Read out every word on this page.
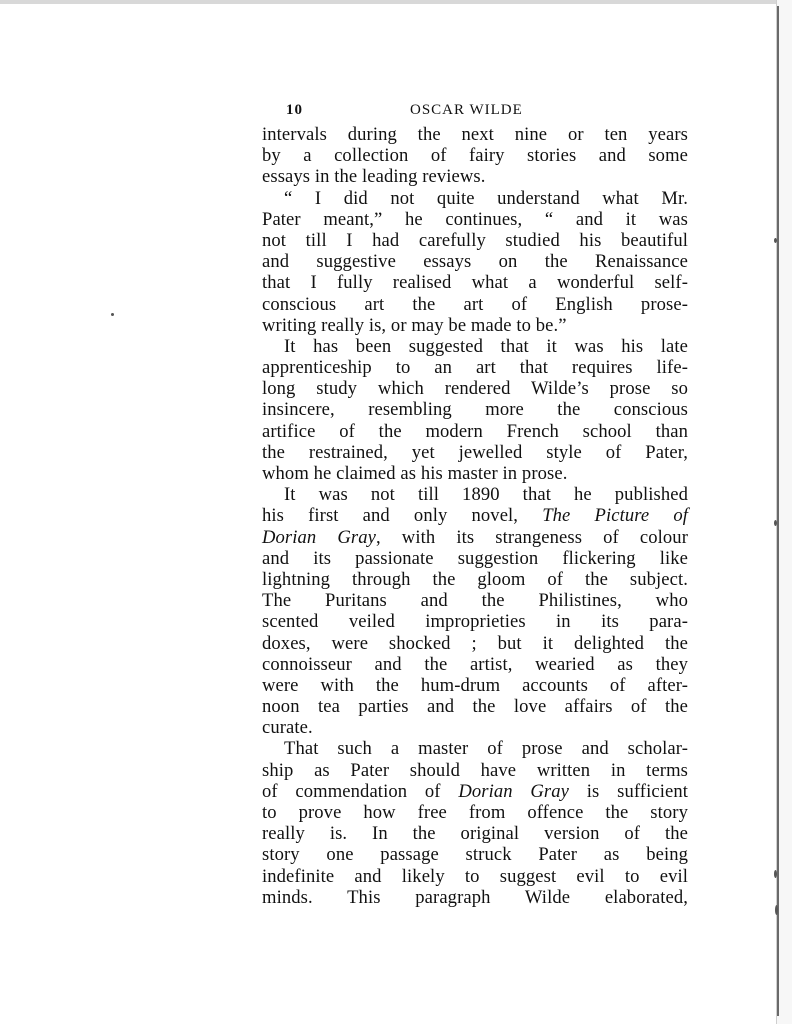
10	OSCAR WILDE
intervals during the next nine or ten years
by a collection of fairy stories and some
essays in the leading reviews.
“ I did not quite understand what Mr.
Pater meant,” he continues, “ and it was
not till I had carefully studied his beautiful
and suggestive essays on the Renaissance
that I fully realised what a wonderful self-
conscious art the art of English prose-
writing really is, or may be made to be.”
It has been suggested that it was his late
apprenticeship to an art that requires life-
long study which rendered Wilde’s prose so
insincere, resembling more the conscious
artifice of the modern French school than
the restrained, yet jewelled style of Pater,
whom he claimed as his master in prose.
It was not till 1890 that he published
his first and only novel, The Picture of
Dorian Gray, with its strangeness of colour
and its passionate suggestion flickering like
lightning through the gloom of the subject.
The Puritans and the Philistines, who
scented veiled improprieties in its para-
doxes, were shocked ; but it delighted the
connoisseur and the artist, wearied as they
were with the hum-drum accounts of after-
noon tea parties and the love affairs of the
curate.
That such a master of prose and scholar-
ship as Pater should have written in terms
of commendation of Dorian Gray is sufficient
to prove how free from offence the story
really is. In the original version of the
story one passage struck Pater as being
indefinite and likely to suggest evil to evil
minds. This paragraph Wilde elaborated,
